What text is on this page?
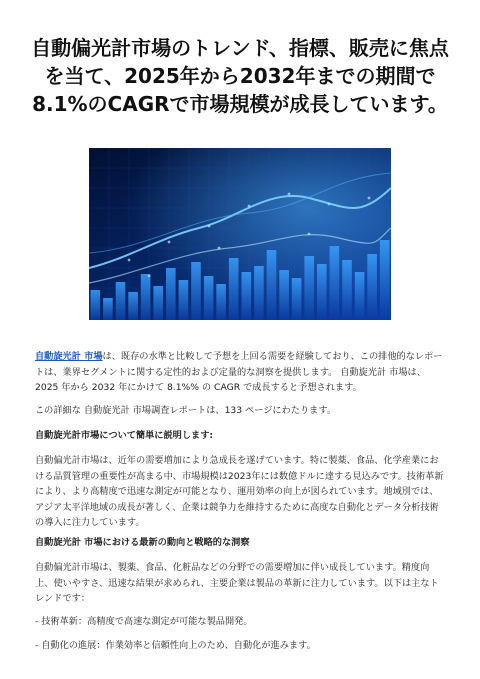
自動偏光計市場のトレンド、指標、販売に焦点を当て、2025年から2032年までの期間で8.1%のCAGRで市場規模が成長しています。

自動旋光計 市場は、既存の水準と比較して予想を上回る需要を経験しており、この排他的なレポートは、業界セグメントに関する定性的および定量的な洞察を提供します。 自動旋光計 市場は、2025 年から 2032 年にかけて 8.1%% の CAGR で成長すると予想されます。

この詳細な 自動旋光計 市場調査レポートは、133 ページにわたります。

自動旋光計市場について簡単に説明します:

自動偏光計市場は、近年の需要増加により急成長を遂げています。特に製薬、食品、化学産業における品質管理の重要性が高まる中、市場規模は2023年には数億ドルに達する見込みです。技術革新により、より高精度で迅速な測定が可能となり、運用効率の向上が図られています。地域別では、アジア太平洋地域の成長が著しく、企業は競争力を維持するために高度な自動化とデータ分析技術の導入に注力しています。

自動旋光計 市場における最新の動向と戦略的な洞察

自動偏光計市場は、製薬、食品、化粧品などの分野での需要増加に伴い成長しています。精度向上、使いやすさ、迅速な結果が求められ、主要企業は製品の革新に注力しています。以下は主なトレンドです：

- 技術革新：高精度で高速な測定が可能な製品開発。

- 自動化の進展：作業効率と信頼性向上のため、自動化が進みます。
